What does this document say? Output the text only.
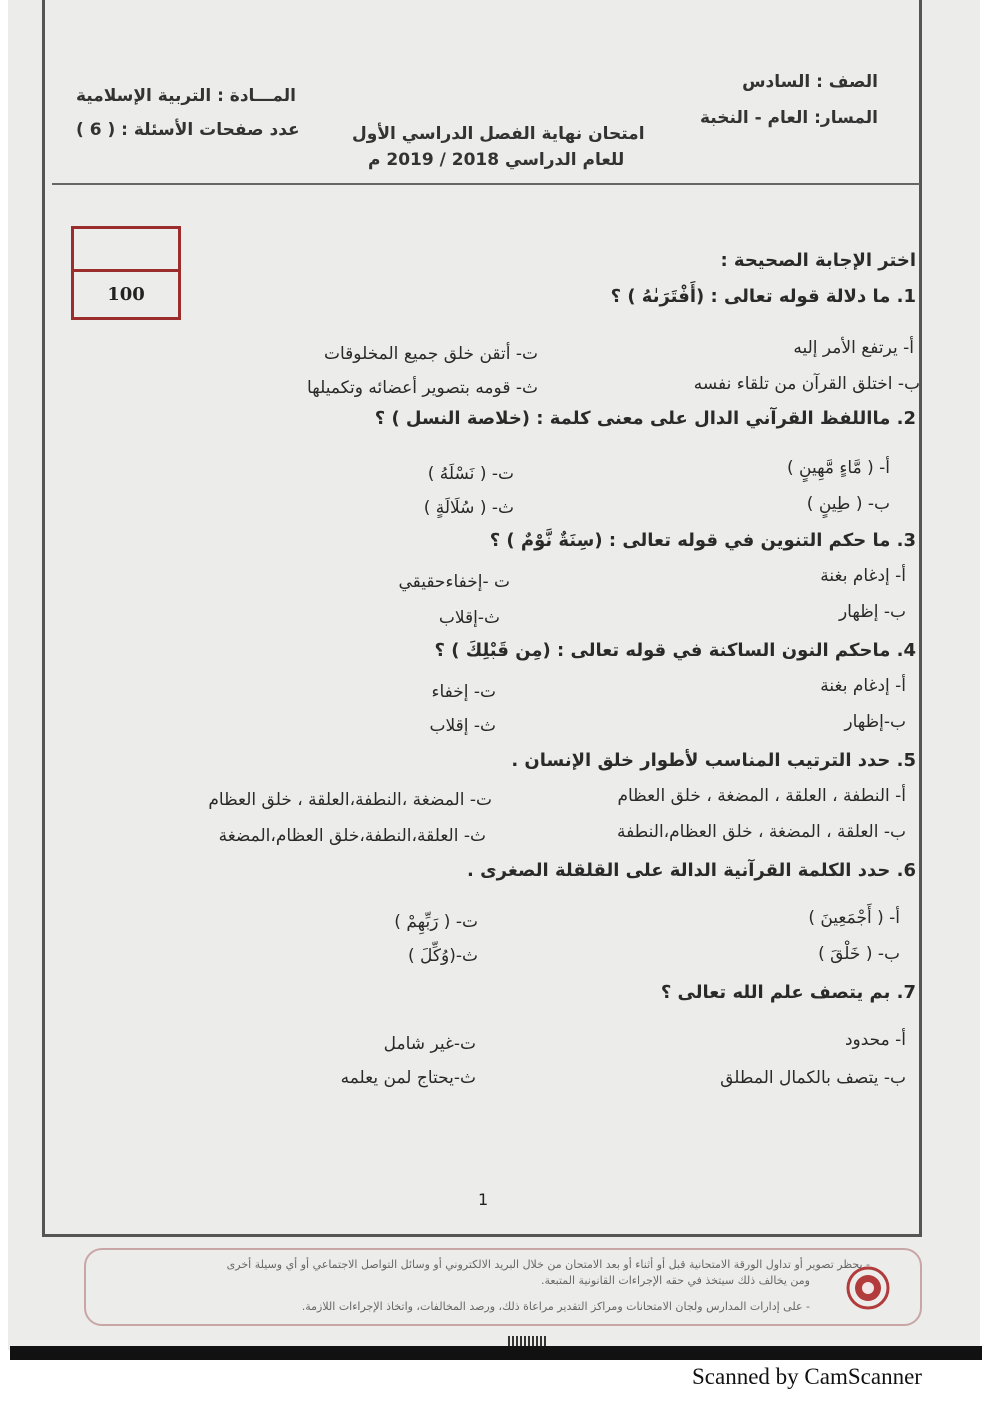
الصف : السادس
المسار: العام - النخبة
المـــادة : التربية الإسلامية
عدد صفحات الأسئلة : ( 6 )	امتحان نهاية الفصل الدراسي الأول
للعام الدراسي 2018 / 2019 م
100
اختر الإجابة الصحيحة :
1. ما دلالة قوله تعالى : (أَفْتَرَىٰهُ ) ؟
أ- يرتفع الأمر إليه
ب- اختلق القرآن من تلقاء نفسه
ت- أتقن خلق جميع المخلوقات
ث- قومه بتصوير أعضائه وتكميلها
2. مااللفظ القرآني الدال على معنى كلمة : (خلاصة النسل ) ؟
أ- ( مَّاءٍ مَّهِينٍ )
ب- ( طِينٍ )
ت- ( نَسْلَهُ )
ث- ( سُلَالَةٍ )
3. ما حكم التنوين في قوله تعالى : (سِنَةٌ نَّوْمٌ ) ؟
أ- إدغام بغنة
ب- إظهار
ت -إخفاءحقيقي
ث-إقلاب
4. ماحكم النون الساكنة في قوله تعالى : (مِن قَبْلِكَ ) ؟
أ- إدغام بغنة
ب-إظهار
ت- إخفاء
ث- إقلاب
5. حدد الترتيب المناسب لأطوار خلق الإنسان .
أ- النطفة ، العلقة ، المضغة ، خلق العظام
ب- العلقة ، المضغة ، خلق العظام،النطفة
ت- المضغة ،النطفة،العلقة ، خلق العظام
ث- العلقة،النطفة،خلق العظام،المضغة
6. حدد الكلمة القرآنية الدالة على القلقلة الصغرى .
أ- ( أَجْمَعِينَ )
ب- ( خَلْقَ )
ت- ( رَبِّهِمْ )
ث-(وُكِّلَ )
7. بم يتصف علم الله تعالى ؟
أ- محدود
ب- يتصف بالكمال المطلق
ت-غير شامل
ث-يحتاج لمن يعلمه
1
- يحظر تصوير أو تداول الورقة الامتحانية قبل أو أثناء أو بعد الامتحان من خلال البريد الالكتروني أو وسائل التواصل الاجتماعي أو أي وسيلة أخرى
ومن يخالف ذلك سيتخذ في حقه الإجراءات القانونية المتبعة.
- على إدارات المدارس ولجان الامتحانات ومراكز التقدير مراعاة ذلك، ورصد المخالفات، واتخاذ الإجراءات اللازمة.
Scanned by CamScanner
